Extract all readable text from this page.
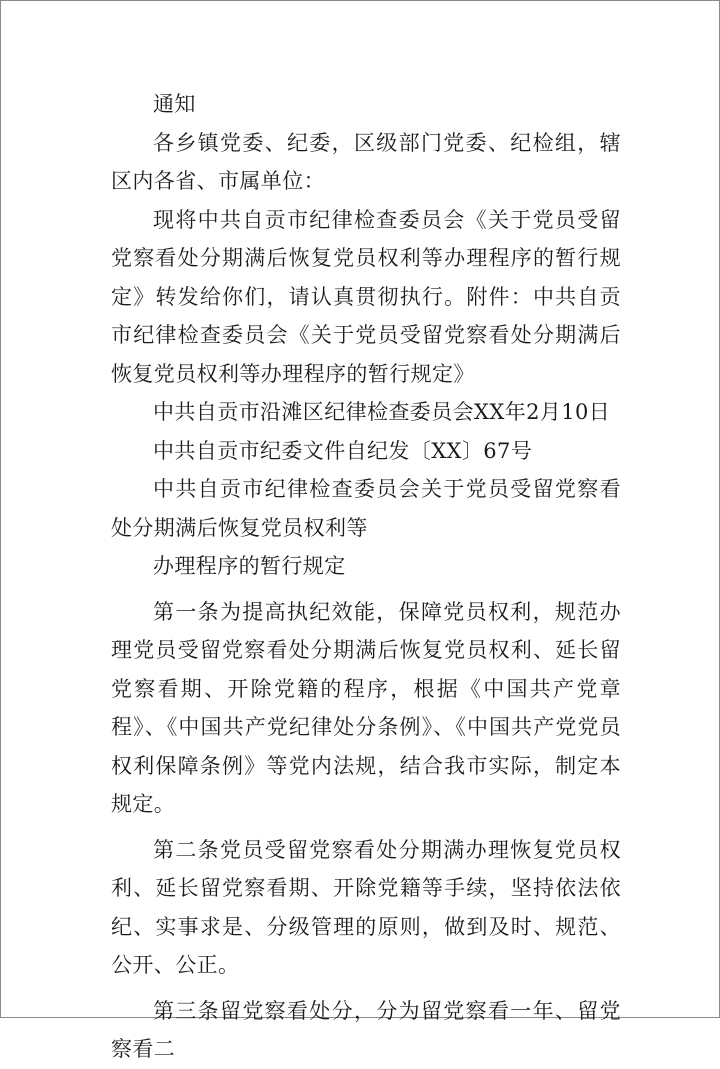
通知

各乡镇党委、纪委，区级部门党委、纪检组，辖区内各省、市属单位：

现将中共自贡市纪律检查委员会《关于党员受留党察看处分期满后恢复党员权利等办理程序的暂行规定》转发给你们，请认真贯彻执行。附件：中共自贡市纪律检查委员会《关于党员受留党察看处分期满后恢复党员权利等办理程序的暂行规定》

中共自贡市沿滩区纪律检查委员会XX年2月10日

中共自贡市纪委文件自纪发〔XX〕67号

中共自贡市纪律检查委员会关于党员受留党察看处分期满后恢复党员权利等

办理程序的暂行规定

第一条为提高执纪效能，保障党员权利，规范办理党员受留党察看处分期满后恢复党员权利、延长留党察看期、开除党籍的程序，根据《中国共产党章程》、《中国共产党纪律处分条例》、《中国共产党党员权利保障条例》等党内法规，结合我市实际，制定本规定。

第二条党员受留党察看处分期满办理恢复党员权利、延长留党察看期、开除党籍等手续，坚持依法依纪、实事求是、分级管理的原则，做到及时、规范、公开、公正。

第三条留党察看处分，分为留党察看一年、留党察看二
